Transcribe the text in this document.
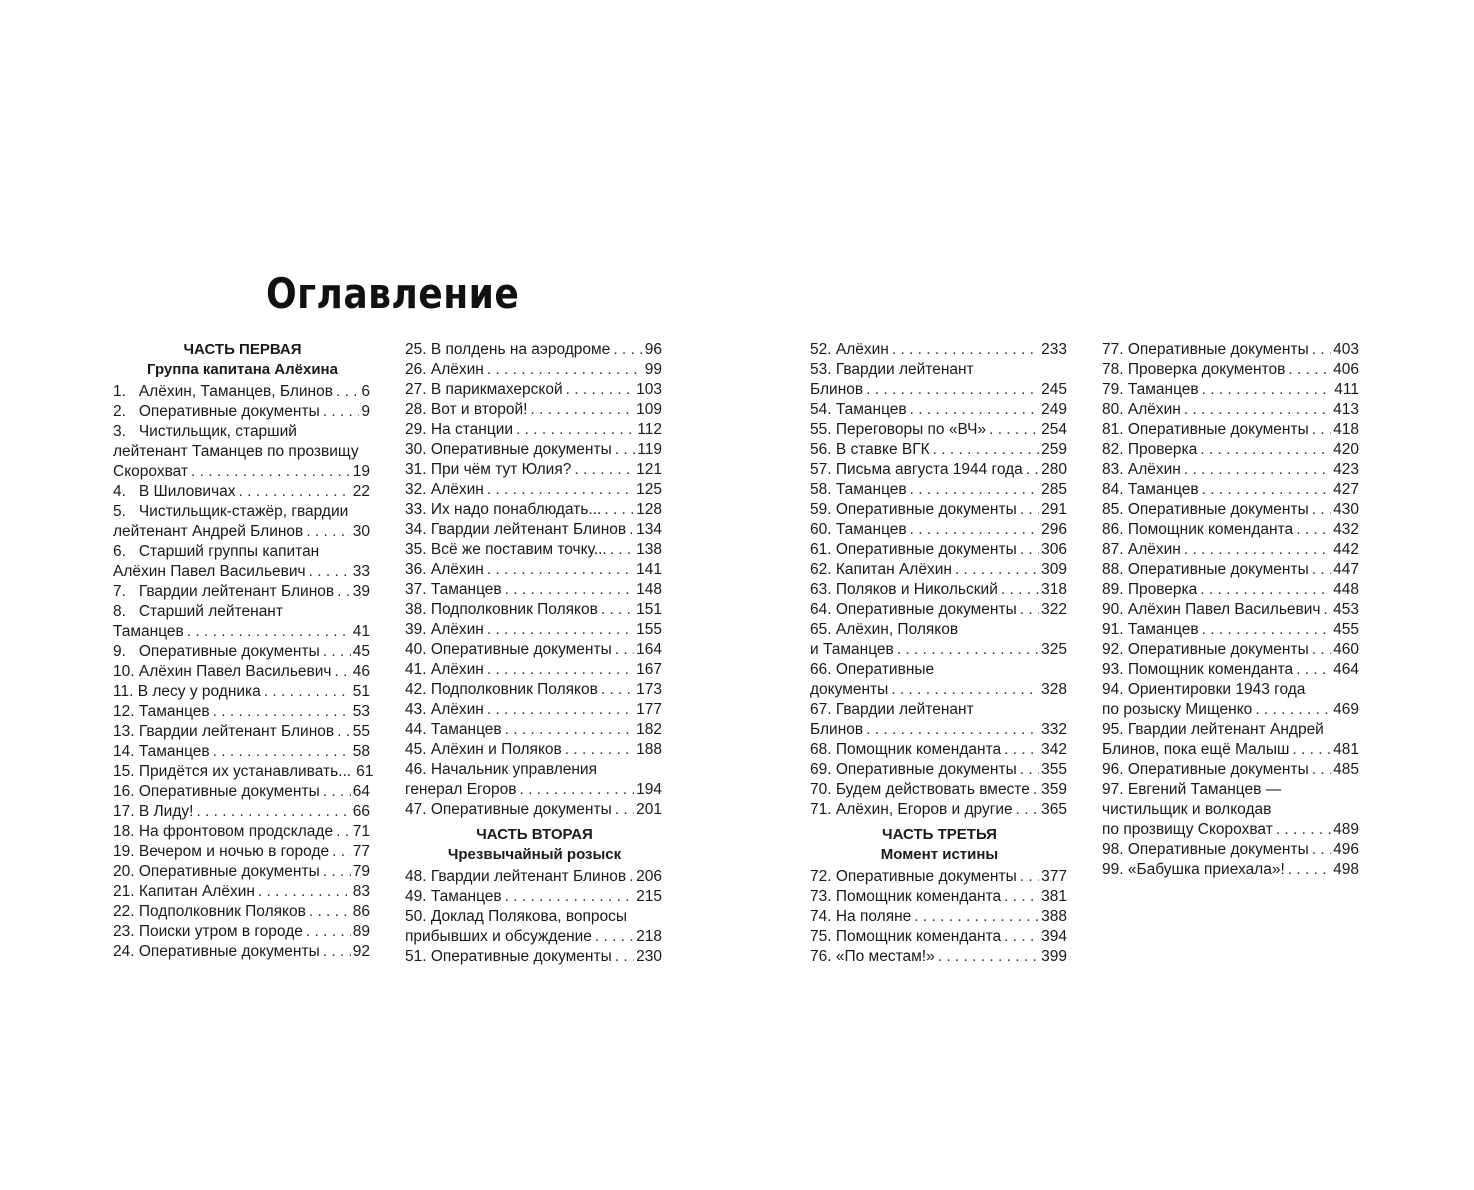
Оглавление
ЧАСТЬ ПЕРВАЯ
Группа капитана Алёхина
1.   Алёхин, Таманцев, Блинов . . . 6
2.   Оперативные документы . . .	9
3.   Чистильщик, старший
лейтенант Таманцев по прозвищу
Скорохват . . .	19
4.   В Шиловичах . . .	22
5.   Чистильщик-стажёр, гвардии
лейтенант Андрей Блинов . . .	30
6.   Старший группы капитан
Алёхин Павел Васильевич . . .	33
7.   Гвардии лейтенант Блинов . . . 39
8.   Старший лейтенант
Таманцев . . .	41
9.   Оперативные документы . . . 45
10. Алёхин Павел Васильевич . . . 46
11. В лесу у родника . . .	51
12. Таманцев . . .	53
13. Гвардии лейтенант Блинов . . . 55
14. Таманцев . . .	58
15. Придётся их устанавливать... 61
16. Оперативные документы . . . 64
17. В Лиду! . . .	66
18. На фронтовом продскладе . . . 71
19. Вечером и ночью в городе . . . 77
20. Оперативные документы . . . 79
21. Капитан Алёхин . . .	83
22. Подполковник Поляков . . .	86
23. Поиски утром в городе . . .	89
24. Оперативные документы . . . 92
25. В полдень на аэродроме . . . 96
26. Алёхин . . .	99
27. В парикмахерской . . .	103
28. Вот и второй! . . .	109
29. На станции . . .	112
30. Оперативные документы . . . 119
31. При чём тут Юлия? . . .	121
32. Алёхин . . .	125
33. Их надо понаблюдать... . . . 128
34. Гвардии лейтенант Блинов . . . 134
35. Всё же поставим точку... . . . 138
36. Алёхин . . .	141
37. Таманцев . . .	148
38. Подполковник Поляков . . . 151
39. Алёхин . . .	155
40. Оперативные документы . . . 164
41. Алёхин . . .	167
42. Подполковник Поляков . . . 173
43. Алёхин . . .	177
44. Таманцев . . .	182
45. Алёхин и Поляков . . .	188
46. Начальник управления
генерал Егоров . . .	194
47. Оперативные документы . . . 201
ЧАСТЬ ВТОРАЯ
Чрезвычайный розыск
48. Гвардии лейтенант Блинов . . . 206
49. Таманцев . . .	215
50. Доклад Полякова, вопросы
прибывших и обсуждение . . .	218
51. Оперативные документы . . . 230
52. Алёхин . . .	233
53. Гвардии лейтенант
Блинов . . .	245
54. Таманцев . . .	249
55. Переговоры по «ВЧ» . . .	254
56. В ставке ВГК . . .	259
57. Письма августа 1944 года . . . 280
58. Таманцев . . .	285
59. Оперативные документы . . . 291
60. Таманцев . . .	296
61. Оперативные документы . . . 306
62. Капитан Алёхин . . .	309
63. Поляков и Никольский . . .	318
64. Оперативные документы . . . 322
65. Алёхин, Поляков
и Таманцев . . .	325
66. Оперативные
документы . . .	328
67. Гвардии лейтенант
Блинов . . .	332
68. Помощник коменданта . . .	342
69. Оперативные документы . . . 355
70. Будем действовать вместе . . . 359
71. Алёхин, Егоров и другие . . . 365
ЧАСТЬ ТРЕТЬЯ
Момент истины
72. Оперативные документы . . . 377
73. Помощник коменданта . . .	381
74. На поляне . . .	388
75. Помощник коменданта . . .	394
76. «По местам!» . . .	399
77. Оперативные документы . . . 403
78. Проверка документов . . .	406
79. Таманцев . . .	411
80. Алёхин . . .	413
81. Оперативные документы . . . 418
82. Проверка . . .	420
83. Алёхин . . .	423
84. Таманцев . . .	427
85. Оперативные документы . . . 430
86. Помощник коменданта . . .	432
87. Алёхин . . .	442
88. Оперативные документы . . . 447
89. Проверка . . .	448
90. Алёхин Павел Васильевич . . . 453
91. Таманцев . . .	455
92. Оперативные документы . . . 460
93. Помощник коменданта . . .	464
94. Ориентировки 1943 года
по розыску Мищенко . . .	469
95. Гвардии лейтенант Андрей
Блинов, пока ещё Малыш . . .	481
96. Оперативные документы . . . 485
97. Евгений Таманцев —
чистильщик и волкодав
по прозвищу Скорохват . . .	489
98. Оперативные документы . . . 496
99. «Бабушка приехала»! . . .	498
